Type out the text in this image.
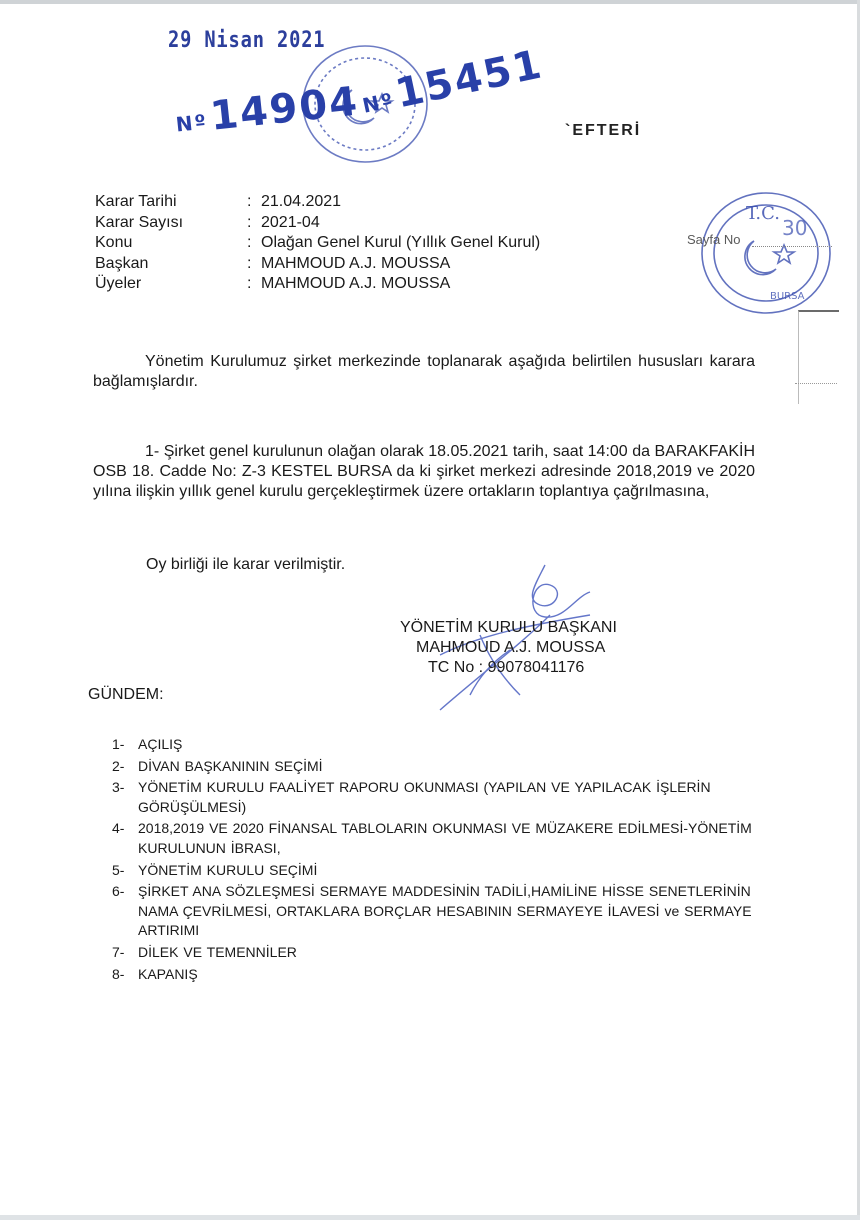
29 Nisan 2021
Nº14904 Nº15451
`EFTERİ
T.C.
30
BURSA
Sayfa No
Karar Tarihi	: 21.04.2021
Karar Sayısı	: 2021-04
Konu	: Olağan Genel Kurul (Yıllık Genel Kurul)
Başkan	: MAHMOUD A.J. MOUSSA
Üyeler	: MAHMOUD A.J. MOUSSA
Yönetim Kurulumuz şirket merkezinde toplanarak aşağıda belirtilen hususları karara bağlamışlardır.
1- Şirket genel kurulunun olağan olarak 18.05.2021 tarih, saat 14:00 da BARAKFAKİH OSB 18. Cadde No: Z-3 KESTEL BURSA da ki şirket merkezi adresinde 2018,2019 ve 2020 yılına ilişkin yıllık genel kurulu gerçekleştirmek üzere ortakların toplantıya çağrılmasına,
Oy birliği ile karar verilmiştir.
YÖNETİM KURULU BAŞKANI
MAHMOUD A.J. MOUSSA
TC No : 99078041176
GÜNDEM:
1- AÇILIŞ
2- DİVAN BAŞKANININ SEÇİMİ
3- YÖNETİM KURULU FAALİYET RAPORU OKUNMASI (YAPILAN VE YAPILACAK İŞLERİN GÖRÜŞÜLMESİ)
4- 2018,2019 VE 2020 FİNANSAL TABLOLARIN OKUNMASI VE MÜZAKERE EDİLMESİ-YÖNETİM KURULUNUN İBRASI,
5- YÖNETİM KURULU SEÇİMİ
6- ŞİRKET ANA SÖZLEŞMESİ SERMAYE MADDESİNİN TADİLİ,HAMİLİNE HİSSE SENETLERİNİN NAMA ÇEVRİLMESİ, ORTAKLARA BORÇLAR HESABININ SERMAYEYE İLAVESİ ve SERMAYE ARTIRIMI
7- DİLEK VE TEMENNİLER
8- KAPANIŞ
